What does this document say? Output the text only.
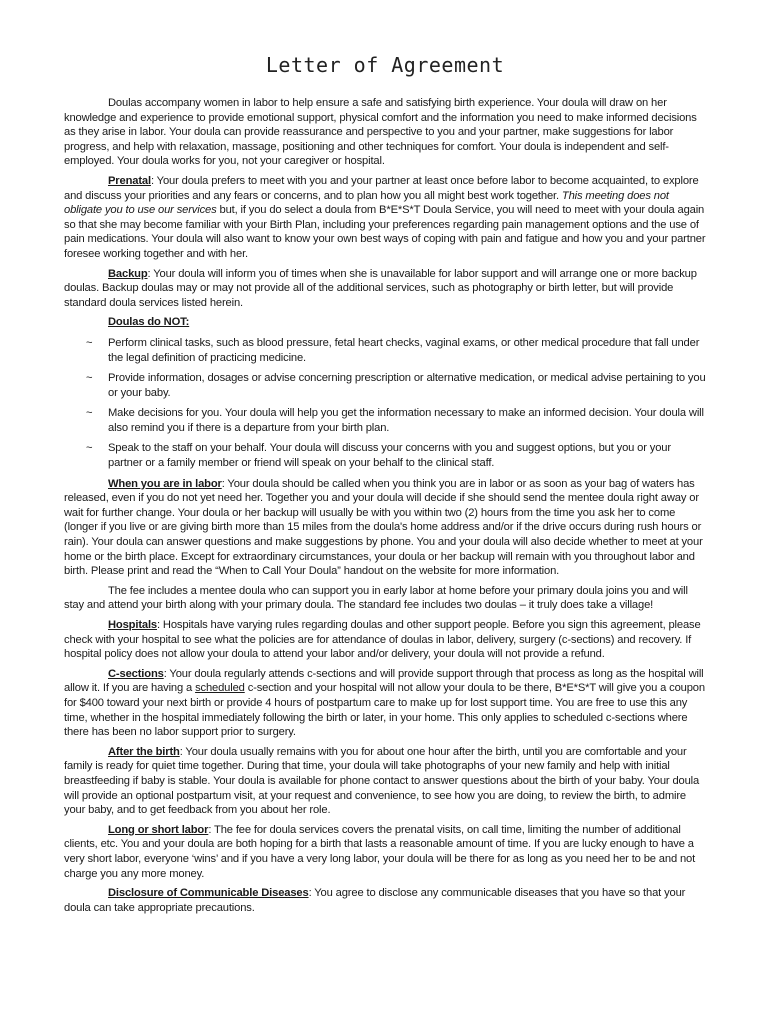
Letter of Agreement

Doulas accompany women in labor to help ensure a safe and satisfying birth experience. Your doula will draw on her knowledge and experience to provide emotional support, physical comfort and the information you need to make informed decisions as they arise in labor. Your doula can provide reassurance and perspective to you and your partner, make suggestions for labor progress, and help with relaxation, massage, positioning and other techniques for comfort. Your doula is independent and self-employed. Your doula works for you, not your caregiver or hospital.

Prenatal: Your doula prefers to meet with you and your partner at least once before labor to become acquainted, to explore and discuss your priorities and any fears or concerns, and to plan how you all might best work together. This meeting does not obligate you to use our services but, if you do select a doula from B*E*S*T Doula Service, you will need to meet with your doula again so that she may become familiar with your Birth Plan, including your preferences regarding pain management options and the use of pain medications. Your doula will also want to know your own best ways of coping with pain and fatigue and how you and your partner foresee working together and with her.

Backup: Your doula will inform you of times when she is unavailable for labor support and will arrange one or more backup doulas. Backup doulas may or may not provide all of the additional services, such as photography or birth letter, but will provide standard doula services listed herein.

Doulas do NOT:
~ Perform clinical tasks, such as blood pressure, fetal heart checks, vaginal exams, or other medical procedure that fall under the legal definition of practicing medicine.
~ Provide information, dosages or advise concerning prescription or alternative medication, or medical advise pertaining to you or your baby.
~ Make decisions for you. Your doula will help you get the information necessary to make an informed decision. Your doula will also remind you if there is a departure from your birth plan.
~ Speak to the staff on your behalf. Your doula will discuss your concerns with you and suggest options, but you or your partner or a family member or friend will speak on your behalf to the clinical staff.

When you are in labor: Your doula should be called when you think you are in labor or as soon as your bag of waters has released, even if you do not yet need her. Together you and your doula will decide if she should send the mentee doula right away or wait for further change. Your doula or her backup will usually be with you within two (2) hours from the time you ask her to come (longer if you live or are giving birth more than 15 miles from the doula's home address and/or if the drive occurs during rush hours or rain). Your doula can answer questions and make suggestions by phone. You and your doula will also decide whether to meet at your home or the birth place. Except for extraordinary circumstances, your doula or her backup will remain with you throughout labor and birth. Please print and read the “When to Call Your Doula” handout on the website for more information.

The fee includes a mentee doula who can support you in early labor at home before your primary doula joins you and will stay and attend your birth along with your primary doula. The standard fee includes two doulas – it truly does take a village!

Hospitals: Hospitals have varying rules regarding doulas and other support people. Before you sign this agreement, please check with your hospital to see what the policies are for attendance of doulas in labor, delivery, surgery (c-sections) and recovery. If hospital policy does not allow your doula to attend your labor and/or delivery, your doula will not provide a refund.

C-sections: Your doula regularly attends c-sections and will provide support through that process as long as the hospital will allow it. If you are having a scheduled c-section and your hospital will not allow your doula to be there, B*E*S*T will give you a coupon for $400 toward your next birth or provide 4 hours of postpartum care to make up for lost support time. You are free to use this any time, whether in the hospital immediately following the birth or later, in your home. This only applies to scheduled c-sections where there has been no labor support prior to surgery.

After the birth: Your doula usually remains with you for about one hour after the birth, until you are comfortable and your family is ready for quiet time together. During that time, your doula will take photographs of your new family and help with initial breastfeeding if baby is stable. Your doula is available for phone contact to answer questions about the birth of your baby. Your doula will provide an optional postpartum visit, at your request and convenience, to see how you are doing, to review the birth, to admire your baby, and to get feedback from you about her role.

Long or short labor: The fee for doula services covers the prenatal visits, on call time, limiting the number of additional clients, etc. You and your doula are both hoping for a birth that lasts a reasonable amount of time. If you are lucky enough to have a very short labor, everyone ‘wins’ and if you have a very long labor, your doula will be there for as long as you need her to be and not charge you any more money.

Disclosure of Communicable Diseases: You agree to disclose any communicable diseases that you have so that your doula can take appropriate precautions.
